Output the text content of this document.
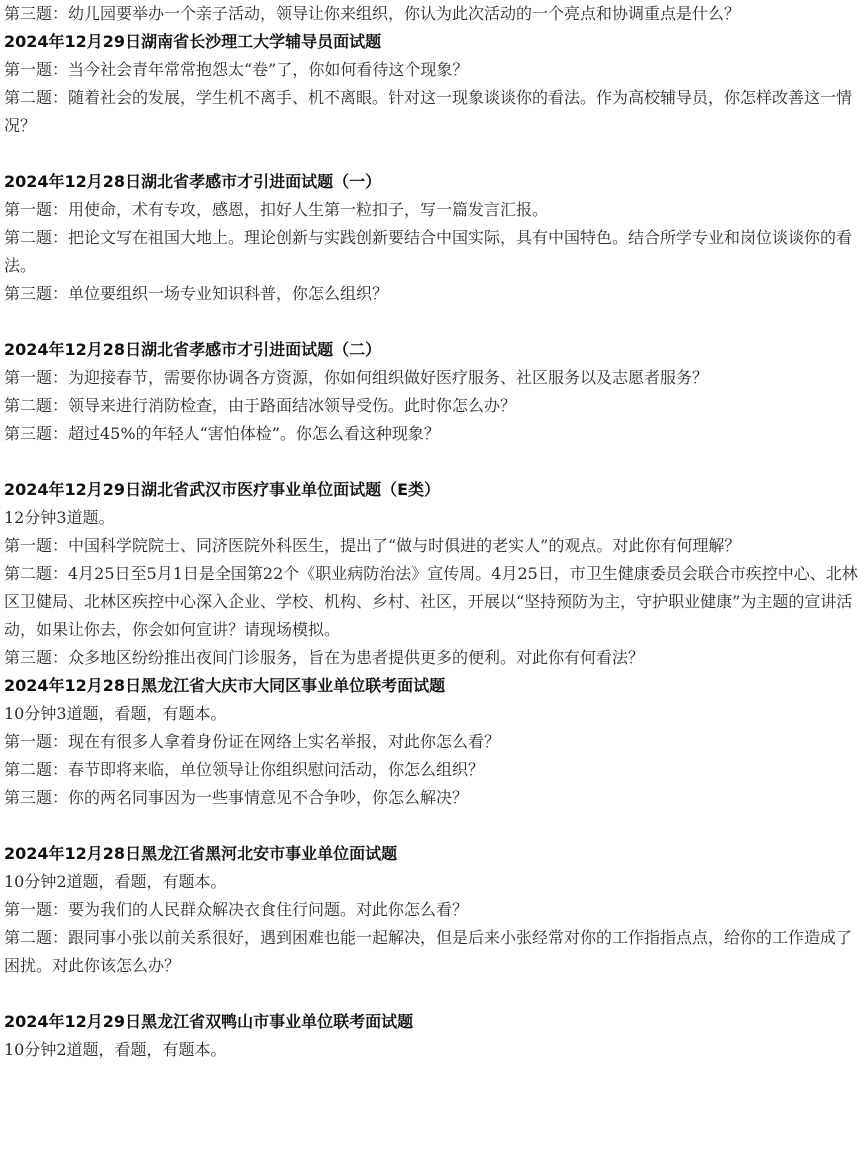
第三题：幼儿园要举办一个亲子活动，领导让你来组织，你认为此次活动的一个亮点和协调重点是什么？

2024年12月29日湖南省长沙理工大学辅导员面试题

第一题：当今社会青年常常抱怨太“卷”了，你如何看待这个现象？

第二题：随着社会的发展，学生机不离手、机不离眼。针对这一现象谈谈你的看法。作为高校辅导员，你怎样改善这一情况？

2024年12月28日湖北省孝感市才引进面试题（一）

第一题：用使命，术有专攻，感恩，扣好人生第一粒扣子，写一篇发言汇报。

第二题：把论文写在祖国大地上。理论创新与实践创新要结合中国实际，具有中国特色。结合所学专业和岗位谈谈你的看法。

第三题：单位要组织一场专业知识科普，你怎么组织？

2024年12月28日湖北省孝感市才引进面试题（二）

第一题：为迎接春节，需要你协调各方资源，你如何组织做好医疗服务、社区服务以及志愿者服务？

第二题：领导来进行消防检查，由于路面结冰领导受伤。此时你怎么办？

第三题：超过45%的年轻人“害怕体检”。你怎么看这种现象？

2024年12月29日湖北省武汉市医疗事业单位面试题（E类）

12分钟3道题。

第一题：中国科学院院士、同济医院外科医生，提出了“做与时俱进的老实人”的观点。对此你有何理解？

第二题：4月25日至5月1日是全国第22个《职业病防治法》宣传周。4月25日，市卫生健康委员会联合市疾控中心、北林区卫健局、北林区疾控中心深入企业、学校、机构、乡村、社区，开展以“坚持预防为主，守护职业健康”为主题的宣讲活动，如果让你去，你会如何宣讲？请现场模拟。

第三题：众多地区纷纷推出夜间门诊服务，旨在为患者提供更多的便利。对此你有何看法？

2024年12月28日黑龙江省大庆市大同区事业单位联考面试题

10分钟3道题，看题，有题本。

第一题：现在有很多人拿着身份证在网络上实名举报，对此你怎么看？

第二题：春节即将来临，单位领导让你组织慰问活动，你怎么组织？

第三题：你的两名同事因为一些事情意见不合争吵，你怎么解决？

2024年12月28日黑龙江省黑河北安市事业单位面试题

10分钟2道题，看题，有题本。

第一题：要为我们的人民群众解决衣食住行问题。对此你怎么看？

第二题：跟同事小张以前关系很好，遇到困难也能一起解决，但是后来小张经常对你的工作指指点点，给你的工作造成了困扰。对此你该怎么办？

2024年12月29日黑龙江省双鸭山市事业单位联考面试题

10分钟2道题，看题，有题本。
